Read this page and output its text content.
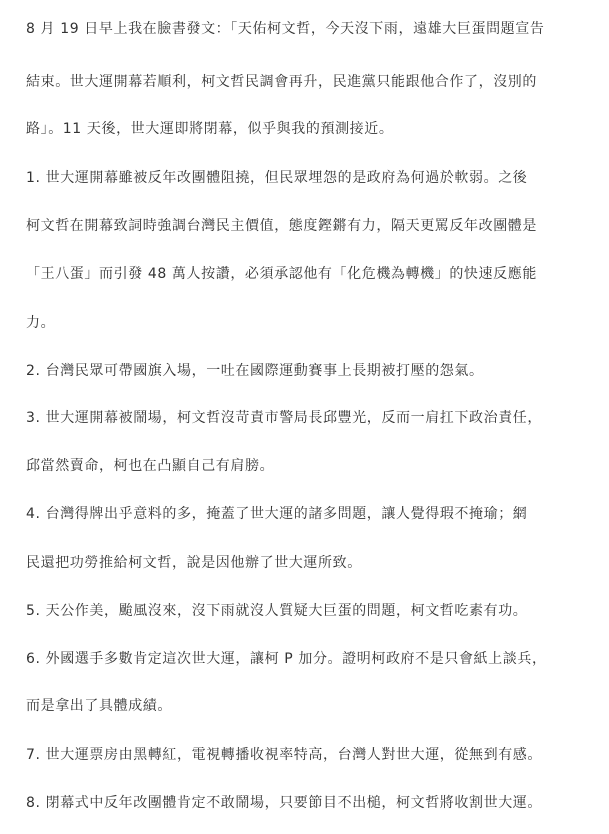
8 月 19 日早上我在臉書發文：「天佑柯文哲，今天沒下雨，遠雄大巨蛋問題宣告
結束。世大運開幕若順利，柯文哲民調會再升，民進黨只能跟他合作了，沒別的
路」。11 天後，世大運即將閉幕，似乎與我的預測接近。
1. 世大運開幕雖被反年改團體阻撓，但民眾埋怨的是政府為何過於軟弱。之後
柯文哲在開幕致詞時強調台灣民主價值，態度鏗鏘有力，隔天更罵反年改團體是
「王八蛋」而引發 48 萬人按讚，必須承認他有「化危機為轉機」的快速反應能
力。
2. 台灣民眾可帶國旗入場，一吐在國際運動賽事上長期被打壓的怨氣。
3. 世大運開幕被鬧場，柯文哲沒苛責市警局長邱豐光，反而一肩扛下政治責任，
邱當然賣命，柯也在凸顯自己有肩膀。
4. 台灣得牌出乎意料的多，掩蓋了世大運的諸多問題，讓人覺得瑕不掩瑜；網
民還把功勞推給柯文哲，說是因他辦了世大運所致。
5. 天公作美，颱風沒來，沒下雨就沒人質疑大巨蛋的問題，柯文哲吃素有功。
6. 外國選手多數肯定這次世大運，讓柯 P 加分。證明柯政府不是只會紙上談兵，
而是拿出了具體成績。
7. 世大運票房由黑轉紅，電視轉播收視率特高，台灣人對世大運，從無到有感。
8. 閉幕式中反年改團體肯定不敢鬧場，只要節目不出槌，柯文哲將收割世大運。
